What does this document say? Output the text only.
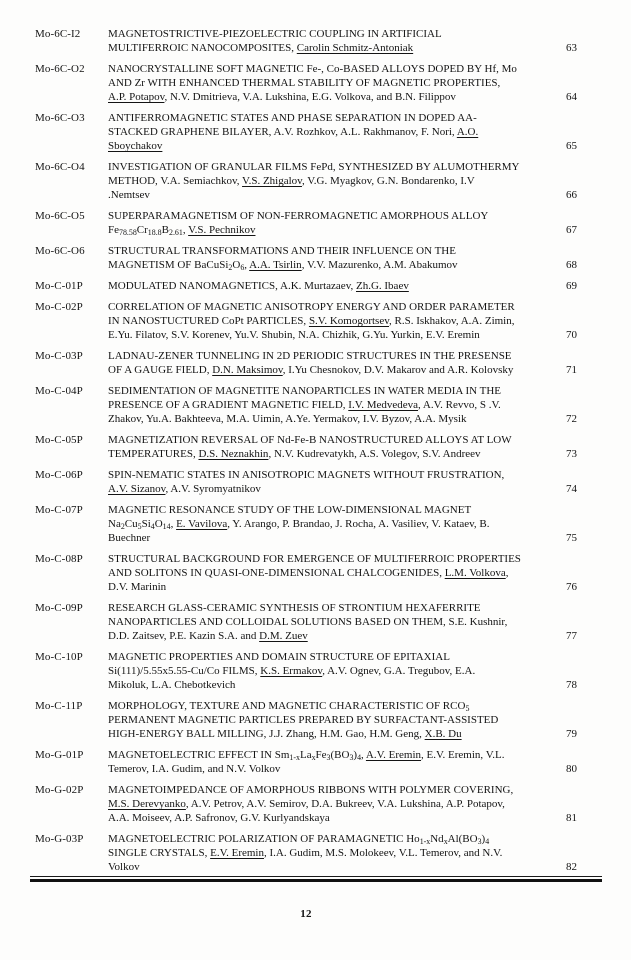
Mo-6C-I2	MAGNETOSTRICTIVE-PIEZOELECTRIC COUPLING IN ARTIFICIAL
MULTIFERROIC NANOCOMPOSITES, Carolin Schmitz-Antoniak	63
Mo-6C-O2	NANOCRYSTALLINE SOFT MAGNETIC Fe-, Co-BASED ALLOYS DOPED BY Hf, Mo
AND Zr WITH ENHANCED THERMAL STABILITY OF MAGNETIC PROPERTIES,
A.P. Potapov, N.V. Dmitrieva, V.A. Lukshina, E.G. Volkova, and B.N. Filippov	64
Mo-6C-O3	ANTIFERROMAGNETIC STATES AND PHASE SEPARATION IN DOPED AA-
STACKED GRAPHENE BILAYER, A.V. Rozhkov, A.L. Rakhmanov, F. Nori, A.O.
Sboychakov	65
Mo-6C-O4	INVESTIGATION OF GRANULAR FILMS FePd, SYNTHESIZED BY ALUMOTHERMY
METHOD, V.A. Semiachkov, V.S. Zhigalov, V.G. Myagkov, G.N. Bondarenko, I.V
.Nemtsev	66
Mo-6C-O5	SUPERPARAMAGNETISM OF NON-FERROMAGNETIC AMORPHOUS ALLOY
$Fe_{78.58}Cr_{18.8}B_{2.61}$, V.S. Pechnikov	67
Mo-6C-O6	STRUCTURAL TRANSFORMATIONS AND THEIR INFLUENCE ON THE
MAGNETISM OF $BaCuSi_2O_6$, A.A. Tsirlin, V.V. Mazurenko, A.M. Abakumov	68
Mo-C-01P	MODULATED NANOMAGNETICS, A.K. Murtazaev, Zh.G. Ibaev	69
Mo-C-02P	CORRELATION OF MAGNETIC ANISOTROPY ENERGY AND ORDER PARAMETER
IN NANOSTUCTURED CoPt PARTICLES, S.V. Komogortsev, R.S. Iskhakov, A.A. Zimin,
E.Yu. Filatov, S.V. Korenev, Yu.V. Shubin, N.A. Chizhik, G.Yu. Yurkin, E.V. Eremin	70
Mo-C-03P	LADNAU-ZENER TUNNELING IN 2D PERIODIC STRUCTURES IN THE PRESENSE
OF A GAUGE FIELD, D.N. Maksimov, I.Yu Chesnokov, D.V. Makarov and A.R. Kolovsky	71
Mo-C-04P	SEDIMENTATION OF MAGNETITE NANOPARTICLES IN WATER MEDIA IN THE
PRESENCE OF A GRADIENT MAGNETIC FIELD, I.V. Medvedeva, A.V. Revvo, S .V.
Zhakov, Yu.A. Bakhteeva, M.A. Uimin, A.Ye. Yermakov, I.V. Byzov, A.A. Mysik	72
Mo-C-05P	MAGNETIZATION REVERSAL OF Nd-Fe-B NANOSTRUCTURED ALLOYS AT LOW
TEMPERATURES, D.S. Neznakhin, N.V. Kudrevatykh, A.S. Volegov, S.V. Andreev	73
Mo-C-06P	SPIN-NEMATIC STATES IN ANISOTROPIC MAGNETS WITHOUT FRUSTRATION,
A.V. Sizanov, A.V. Syromyatnikov	74
Mo-C-07P	MAGNETIC RESONANCE STUDY OF THE LOW-DIMENSIONAL MAGNET
$Na_2Cu_5Si_4O_{14}$, E. Vavilova, Y. Arango, P. Brandao, J. Rocha, A. Vasiliev, V. Kataev, B.
Buechner	75
Mo-C-08P	STRUCTURAL BACKGROUND FOR EMERGENCE OF MULTIFERROIC PROPERTIES
AND SOLITONS IN QUASI-ONE-DIMENSIONAL CHALCOGENIDES, L.M. Volkova,
D.V. Marinin	76
Mo-C-09P	RESEARCH GLASS-CERAMIC SYNTHESIS OF STRONTIUM HEXAFERRITE
NANOPARTICLES AND COLLOIDAL SOLUTIONS BASED ON THEM, S.E. Kushnir,
D.D. Zaitsev, P.E. Kazin S.A. and D.M. Zuev	77
Mo-C-10P	MAGNETIC PROPERTIES AND DOMAIN STRUCTURE OF EPITAXIAL
Si(111)/5.55x5.55-Cu/Co FILMS, K.S. Ermakov, A.V. Ognev, G.A. Tregubov, E.A.
Mikoluk, L.A. Chebotkevich	78
Mo-C-11P	MORPHOLOGY, TEXTURE AND MAGNETIC CHARACTERISTIC OF $RCO_5$
PERMANENT MAGNETIC PARTICLES PREPARED BY SURFACTANT-ASSISTED
HIGH-ENERGY BALL MILLING, J.J. Zhang, H.M. Gao, H.M. Geng, X.B. Du	79
Mo-G-01P	MAGNETOELECTRIC EFFECT IN $Sm_{1-x}La_xFe_3(BO_3)_4$, A.V. Eremin, E.V. Eremin, V.L.
Temerov, I.A. Gudim, and N.V. Volkov	80
Mo-G-02P	MAGNETOIMPEDANCE OF AMORPHOUS RIBBONS WITH POLYMER COVERING,
M.S. Derevyanko, A.V. Petrov, A.V. Semirov, D.A. Bukreev, V.A. Lukshina, A.P. Potapov,
A.A. Moiseev, A.P. Safronov, G.V. Kurlyandskaya	81
Mo-G-03P	MAGNETOELECTRIC POLARIZATION OF PARAMAGNETIC $Ho_{1-x}Nd_xAl(BO_3)_4$
SINGLE CRYSTALS, E.V. Eremin, I.A. Gudim, M.S. Molokeev, V.L. Temerov, and N.V.
Volkov	82
12
